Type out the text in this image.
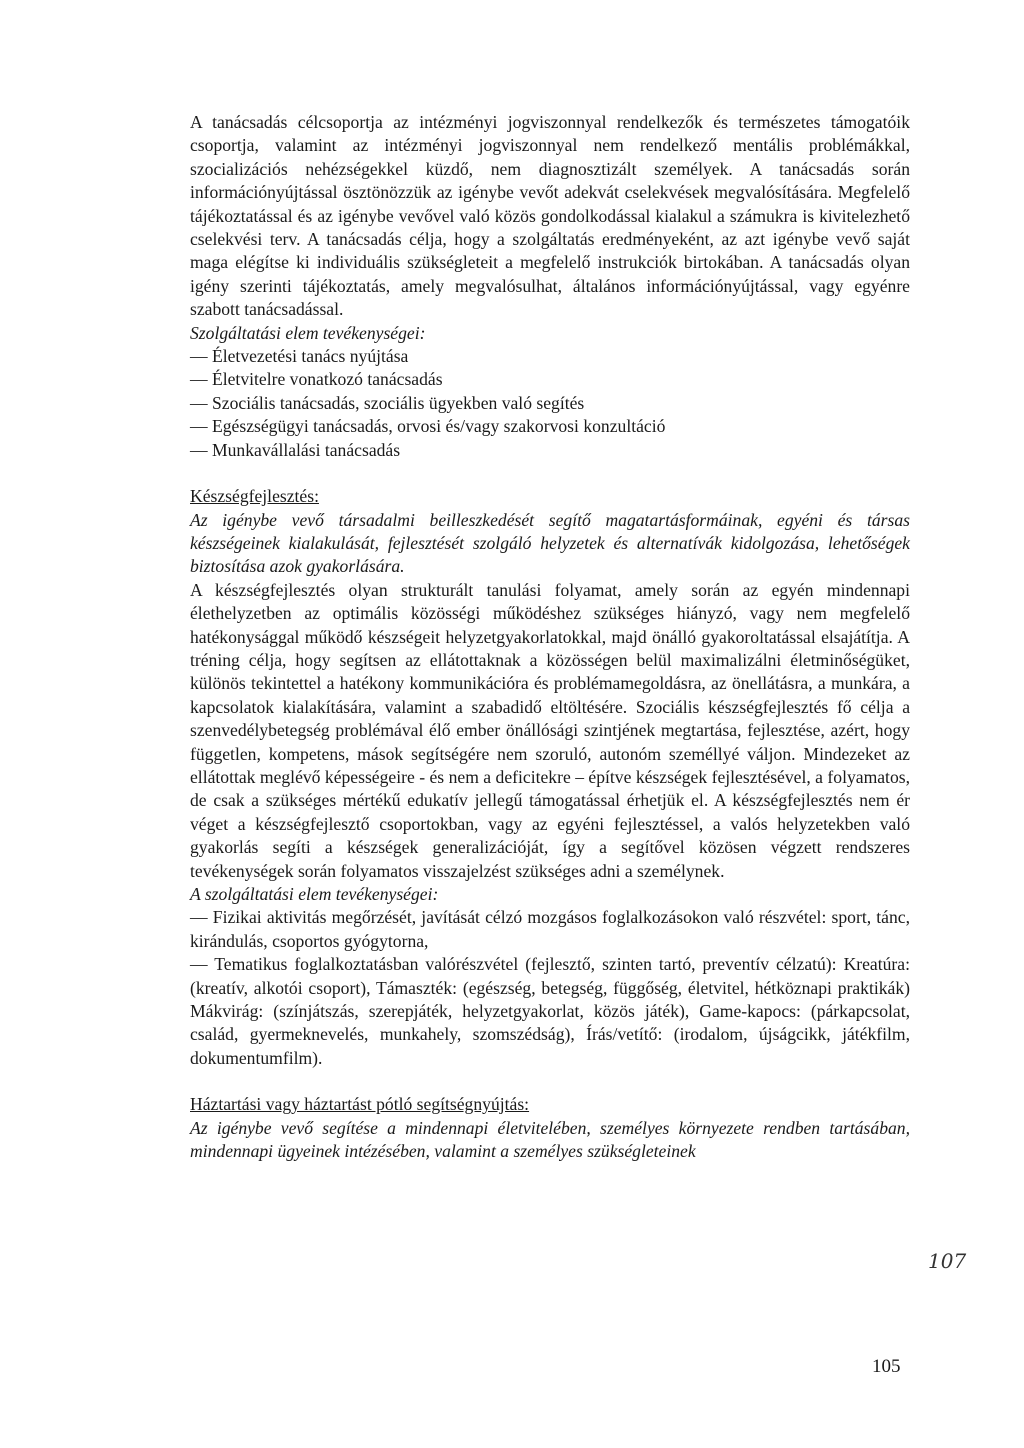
A tanácsadás célcsoportja az intézményi jogviszonnyal rendelkezők és természetes támogatóik csoportja, valamint az intézményi jogviszonnyal nem rendelkező mentális problémákkal, szocializációs nehézségekkel küzdő, nem diagnosztizált személyek. A tanácsadás során információnyújtással ösztönözzük az igénybe vevőt adekvát cselekvések megvalósítására. Megfelelő tájékoztatással és az igénybe vevővel való közös gondolkodással kialakul a számukra is kivitelezhető cselekvési terv. A tanácsadás célja, hogy a szolgáltatás eredményeként, az azt igénybe vevő saját maga elégítse ki individuális szükségleteit a megfelelő instrukciók birtokában. A tanácsadás olyan igény szerinti tájékoztatás, amely megvalósulhat, általános információnyújtással, vagy egyénre szabott tanácsadással.

Szolgáltatási elem tevékenységei:

— Életvezetési tanács nyújtása

— Életvitelre vonatkozó tanácsadás

— Szociális tanácsadás, szociális ügyekben való segítés

— Egészségügyi tanácsadás, orvosi és/vagy szakorvosi konzultáció

— Munkavállalási tanácsadás

Készségfejlesztés:

Az igénybe vevő társadalmi beilleszkedését segítő magatartásformáinak, egyéni és társas készségeinek kialakulását, fejlesztését szolgáló helyzetek és alternatívák kidolgozása, lehetőségek biztosítása azok gyakorlására.

A készségfejlesztés olyan strukturált tanulási folyamat, amely során az egyén mindennapi élethelyzetben az optimális közösségi működéshez szükséges hiányzó, vagy nem megfelelő hatékonysággal működő készségeit helyzetgyakorlatokkal, majd önálló gyakoroltatással elsajátítja. A tréning célja, hogy segítsen az ellátottaknak a közösségen belül maximalizálni életminőségüket, különös tekintettel a hatékony kommunikációra és problémamegoldásra, az önellátásra, a munkára, a kapcsolatok kialakítására, valamint a szabadidő eltöltésére. Szociális készségfejlesztés fő célja a szenvedélybetegség problémával élő ember önállósági szintjének megtartása, fejlesztése, azért, hogy független, kompetens, mások segítségére nem szoruló, autonóm személlyé váljon. Mindezeket az ellátottak meglévő képességeire - és nem a deficitekre – építve készségek fejlesztésével, a folyamatos, de csak a szükséges mértékű edukatív jellegű támogatással érhetjük el. A készségfejlesztés nem ér véget a készségfejlesztő csoportokban, vagy az egyéni fejlesztéssel, a valós helyzetekben való gyakorlás segíti a készségek generalizációját, így a segítővel közösen végzett rendszeres tevékenységek során folyamatos visszajelzést szükséges adni a személynek.

A szolgáltatási elem tevékenységei:

— Fizikai aktivitás megőrzését, javítását célzó mozgásos foglalkozásokon való részvétel: sport, tánc, kirándulás, csoportos gyógytorna,

— Tematikus foglalkoztatásban valórészvétel (fejlesztő, szinten tartó, preventív célzatú): Kreatúra: (kreatív, alkotói csoport), Támaszték: (egészség, betegség, függőség, életvitel, hétköznapi praktikák) Mákvirág: (színjátszás, szerepjáték, helyzetgyakorlat, közös játék), Game-kapocs: (párkapcsolat, család, gyermeknevelés, munkahely, szomszédság), Írás/vetítő: (irodalom, újságcikk, játékfilm, dokumentumfilm).

Háztartási vagy háztartást pótló segítségnyújtás:

Az igénybe vevő segítése a mindennapi életvitelében, személyes környezete rendben tartásában, mindennapi ügyeinek intézésében, valamint a személyes szükségleteinek

107
105
